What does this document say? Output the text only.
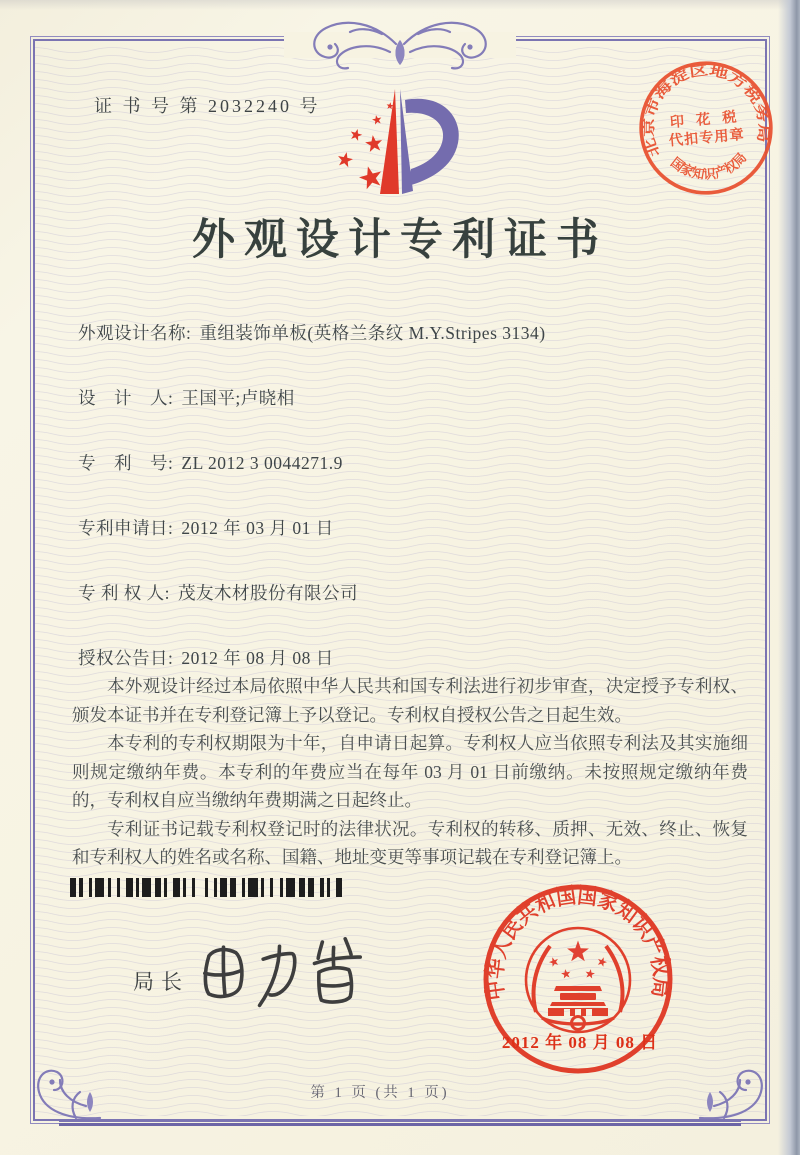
证 书 号 第 2032240 号
北京市海淀区地方税务局
印 花 税
代扣专用章
国家知识产权局
外观设计专利证书
外观设计名称: 重组装饰单板(英格兰条纹 M.Y.Stripes 3134)
设　计　人: 王国平;卢晓相
专　利　号: ZL 2012 3 0044271.9
专利申请日: 2012 年 03 月 01 日
专 利 权 人: 茂友木材股份有限公司
授权公告日: 2012 年 08 月 08 日

本外观设计经过本局依照中华人民共和国专利法进行初步审查，决定授予专利权、颁发本证书并在专利登记簿上予以登记。专利权自授权公告之日起生效。

本专利的专利权期限为十年，自申请日起算。专利权人应当依照专利法及其实施细则规定缴纳年费。本专利的年费应当在每年 03 月 01 日前缴纳。未按照规定缴纳年费的，专利权自应当缴纳年费期满之日起终止。

专利证书记载专利权登记时的法律状况。专利权的转移、质押、无效、终止、恢复和专利权人的姓名或名称、国籍、地址变更等事项记载在专利登记簿上。

局长	中华人民共和国国家知识产权局
2012 年 08 月 08 日
第 1 页 (共 1 页)
